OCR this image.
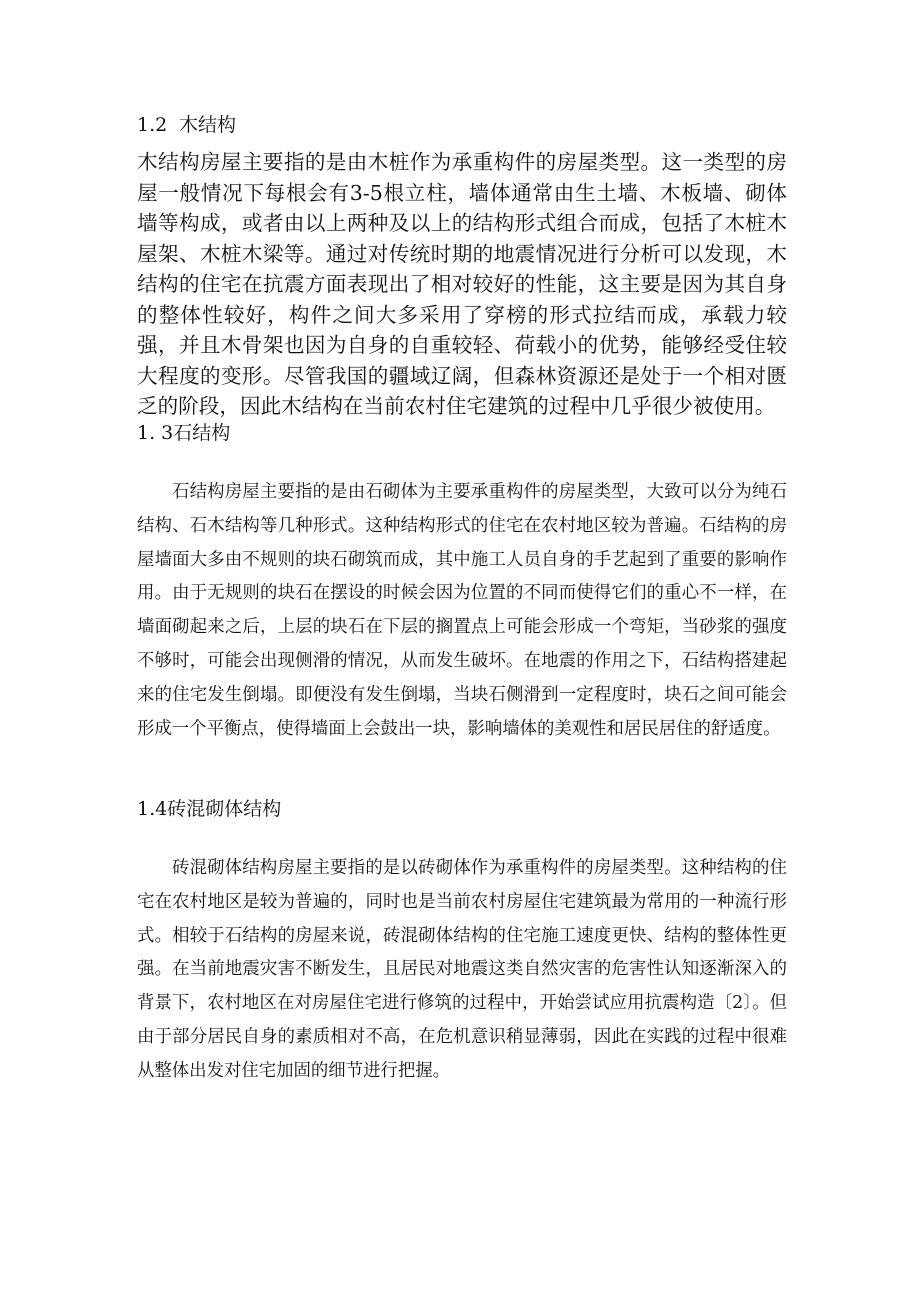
1.2 木结构

木结构房屋主要指的是由木桩作为承重构件的房屋类型。这一类型的房屋一般情况下每根会有3-5根立柱，墙体通常由生土墙、木板墙、砌体墙等构成，或者由以上两种及以上的结构形式组合而成，包括了木桩木屋架、木桩木梁等。通过对传统时期的地震情况进行分析可以发现，木结构的住宅在抗震方面表现出了相对较好的性能，这主要是因为其自身的整体性较好，构件之间大多采用了穿榜的形式拉结而成，承载力较强，并且木骨架也因为自身的自重较轻、荷载小的优势，能够经受住较大程度的变形。尽管我国的疆域辽阔，但森林资源还是处于一个相对匮乏的阶段，因此木结构在当前农村住宅建筑的过程中几乎很少被使用。

1. 3石结构

石结构房屋主要指的是由石砌体为主要承重构件的房屋类型，大致可以分为纯石结构、石木结构等几种形式。这种结构形式的住宅在农村地区较为普遍。石结构的房屋墙面大多由不规则的块石砌筑而成，其中施工人员自身的手艺起到了重要的影响作用。由于无规则的块石在摆设的时候会因为位置的不同而使得它们的重心不一样，在墙面砌起来之后，上层的块石在下层的搁置点上可能会形成一个弯矩，当砂浆的强度不够时，可能会出现侧滑的情况，从而发生破坏。在地震的作用之下，石结构搭建起来的住宅发生倒塌。即便没有发生倒塌，当块石侧滑到一定程度时，块石之间可能会形成一个平衡点，使得墙面上会鼓出一块，影响墙体的美观性和居民居住的舒适度。

1.4砖混砌体结构

砖混砌体结构房屋主要指的是以砖砌体作为承重构件的房屋类型。这种结构的住宅在农村地区是较为普遍的，同时也是当前农村房屋住宅建筑最为常用的一种流行形式。相较于石结构的房屋来说，砖混砌体结构的住宅施工速度更快、结构的整体性更强。在当前地震灾害不断发生，且居民对地震这类自然灾害的危害性认知逐渐深入的背景下，农村地区在对房屋住宅进行修筑的过程中，开始尝试应用抗震构造〔2〕。但由于部分居民自身的素质相对不高，在危机意识稍显薄弱，因此在实践的过程中很难从整体出发对住宅加固的细节进行把握。
